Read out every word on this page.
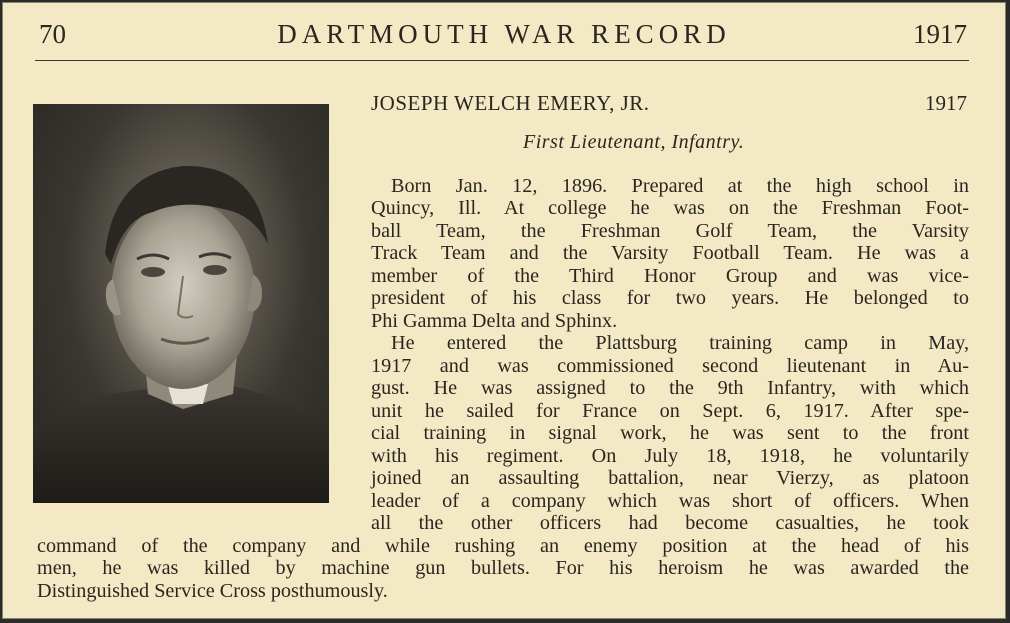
70	DARTMOUTH WAR RECORD	1917
JOSEPH WELCH EMERY, JR.	1917
First Lieutenant, Infantry.
Born Jan. 12, 1896. Prepared at the high school in
Quincy, Ill. At college he was on the Freshman Foot-
ball Team, the Freshman Golf Team, the Varsity
Track Team and the Varsity Football Team. He was a
member of the Third Honor Group and was vice-
president of his class for two years. He belonged to
Phi Gamma Delta and Sphinx.
He entered the Plattsburg training camp in May,
1917 and was commissioned second lieutenant in Au-
gust. He was assigned to the 9th Infantry, with which
unit he sailed for France on Sept. 6, 1917. After spe-
cial training in signal work, he was sent to the front
with his regiment. On July 18, 1918, he voluntarily
joined an assaulting battalion, near Vierzy, as platoon
leader of a company which was short of officers. When
all the other officers had become casualties, he took
command of the company and while rushing an enemy position at the head of his
men, he was killed by machine gun bullets. For his heroism he was awarded the
Distinguished Service Cross posthumously.
